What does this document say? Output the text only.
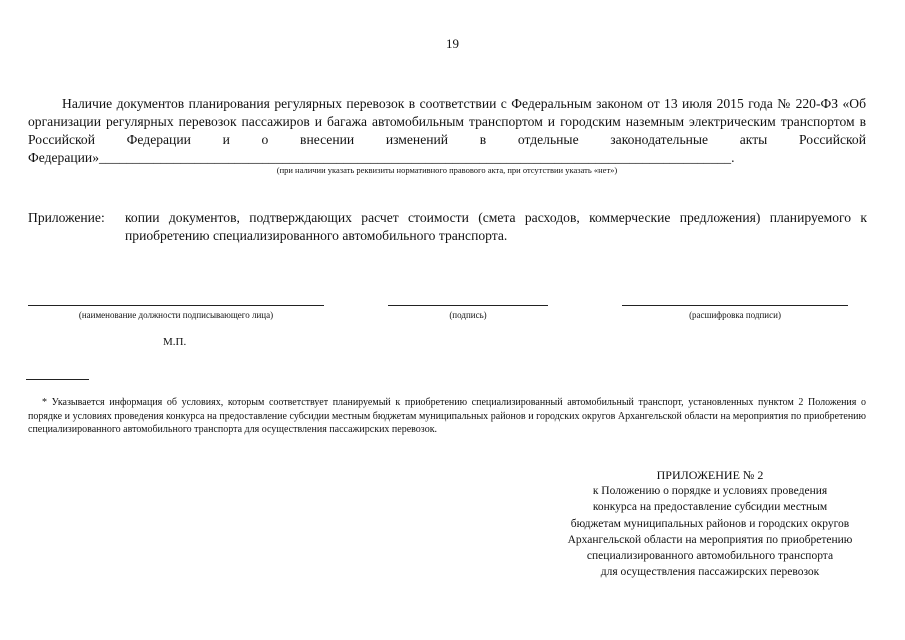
19
Наличие документов планирования регулярных перевозок в соответствии с Федеральным законом от 13 июля 2015 года № 220-ФЗ «Об организации регулярных перевозок пассажиров и багажа автомобильным транспортом и городским наземным электрическим транспортом в Российской Федерации и о внесении изменений в отдельные законодательные акты Российской Федерации»_____________________________________________________________________________________________.
(при наличии указать реквизиты нормативного правового акта, при отсутствии указать «нет»)
Приложение: копии документов, подтверждающих расчет стоимости (смета расходов, коммерческие предложения) планируемого к приобретению специализированного автомобильного транспорта.
(наименование должности подписывающего лица)	(подпись)	(расшифровка подписи)
М.П.
* Указывается информация об условиях, которым соответствует планируемый к приобретению специализированный автомобильный транспорт, установленных пунктом 2 Положения о порядке и условиях проведения конкурса на предоставление субсидии местным бюджетам муниципальных районов и городских округов Архангельской области на мероприятия по приобретению специализированного автомобильного транспорта для осуществления пассажирских перевозок.
ПРИЛОЖЕНИЕ № 2
к Положению о порядке и условиях проведения
конкурса на предоставление субсидии местным
бюджетам муниципальных районов и городских округов
Архангельской области на мероприятия по приобретению
специализированного автомобильного транспорта
для осуществления пассажирских перевозок
